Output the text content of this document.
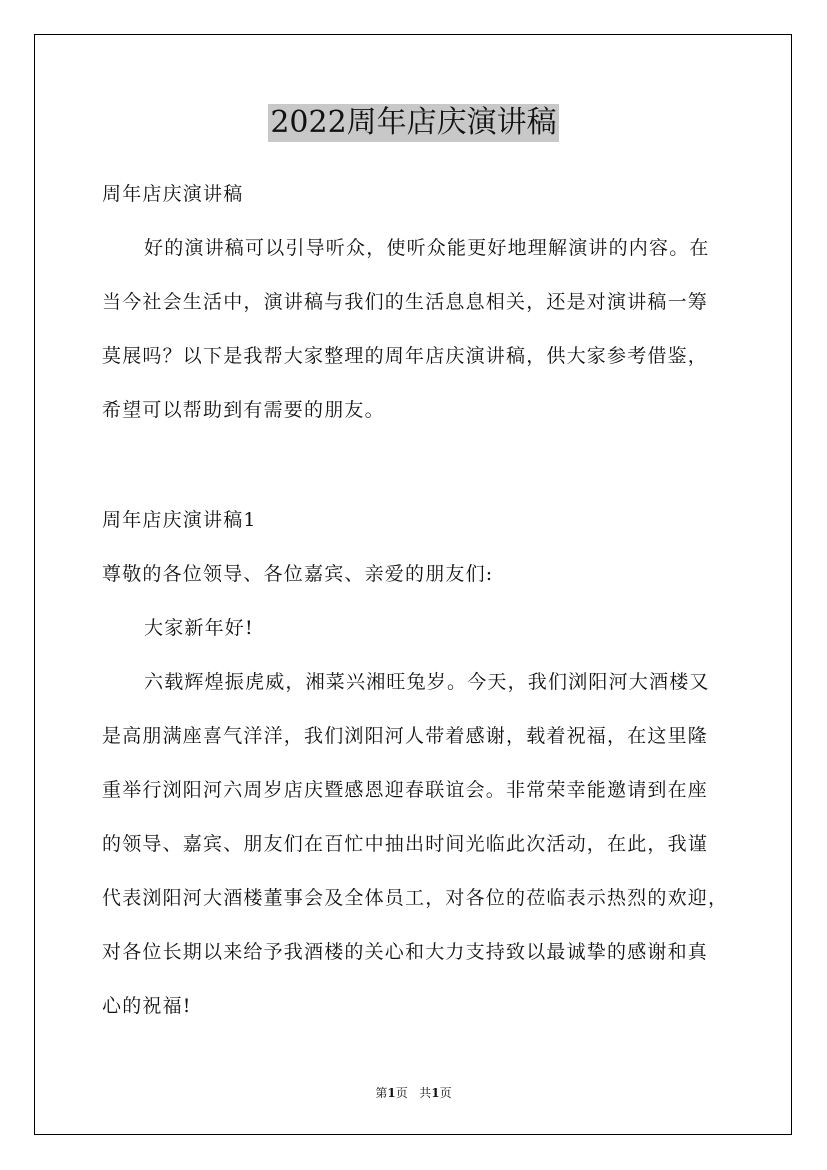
2022周年店庆演讲稿
周年店庆演讲稿
好的演讲稿可以引导听众，使听众能更好地理解演讲的内容。在
当今社会生活中，演讲稿与我们的生活息息相关，还是对演讲稿一筹
莫展吗？以下是我帮大家整理的周年店庆演讲稿，供大家参考借鉴，
希望可以帮助到有需要的朋友。
周年店庆演讲稿1
尊敬的各位领导、各位嘉宾、亲爱的朋友们:
大家新年好!
六载辉煌振虎威，湘菜兴湘旺兔岁。今天，我们浏阳河大酒楼又
是高朋满座喜气洋洋，我们浏阳河人带着感谢，载着祝福，在这里隆
重举行浏阳河六周岁店庆暨感恩迎春联谊会。非常荣幸能邀请到在座
的领导、嘉宾、朋友们在百忙中抽出时间光临此次活动，在此，我谨
代表浏阳河大酒楼董事会及全体员工，对各位的莅临表示热烈的欢迎，
对各位长期以来给予我酒楼的关心和大力支持致以最诚挚的感谢和真
心的祝福!
第1页 共1页
